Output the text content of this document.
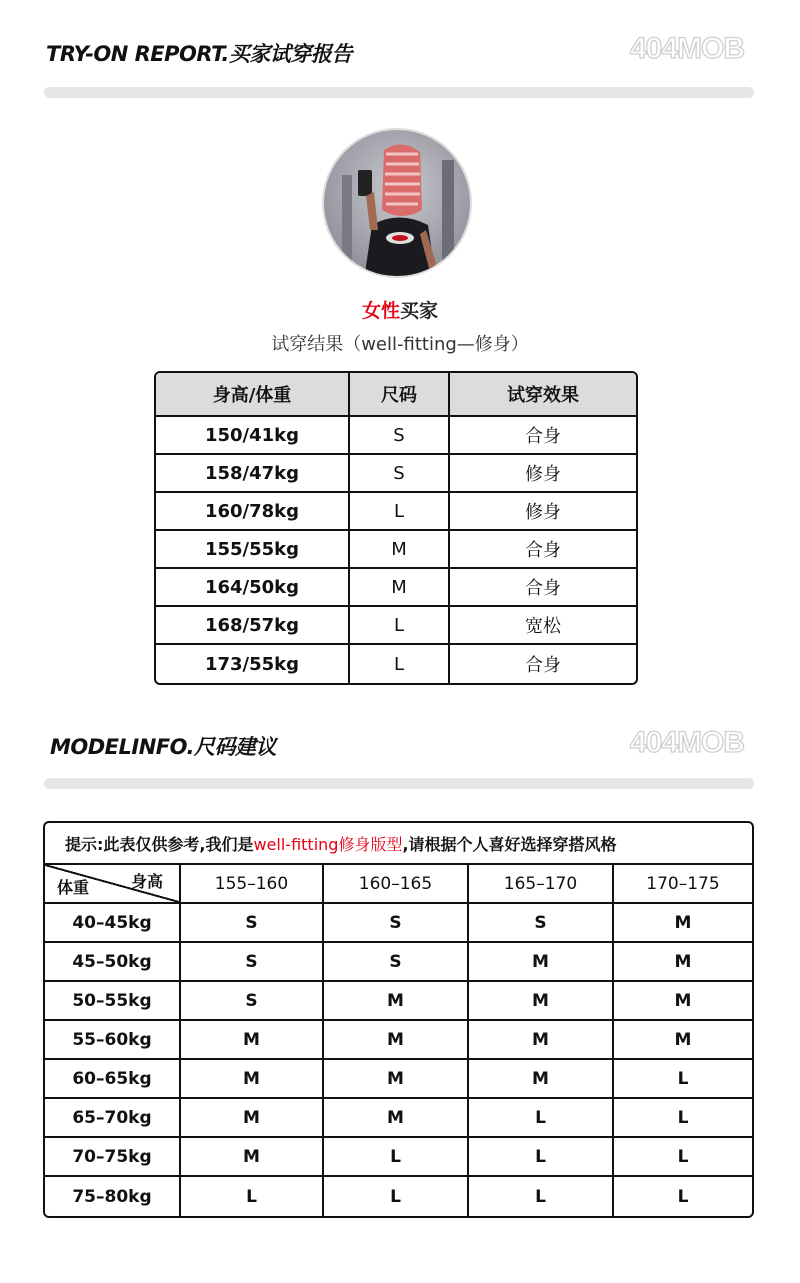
TRY-ON REPORT.买家试穿报告	404MOB
女性买家
试穿结果（well-fitting—修身）
身高/体重	尺码	试穿效果
150/41kg	S	合身
158/47kg	S	修身
160/78kg	L	修身
155/55kg	M	合身
164/50kg	M	合身
168/57kg	L	宽松
173/55kg	L	合身
MODELINFO.尺码建议	404MOB
提示:此表仅供参考,我们是well-fitting修身版型,请根据个人喜好选择穿搭风格				

身高
体重	155–160	160–165	165–170	170–175
40–45kg	S	S	S	M
45–50kg	S	S	M	M
50–55kg	S	M	M	M
55–60kg	M	M	M	M
60–65kg	M	M	M	L
65–70kg	M	M	L	L
70–75kg	M	L	L	L
75–80kg	L	L	L	L
